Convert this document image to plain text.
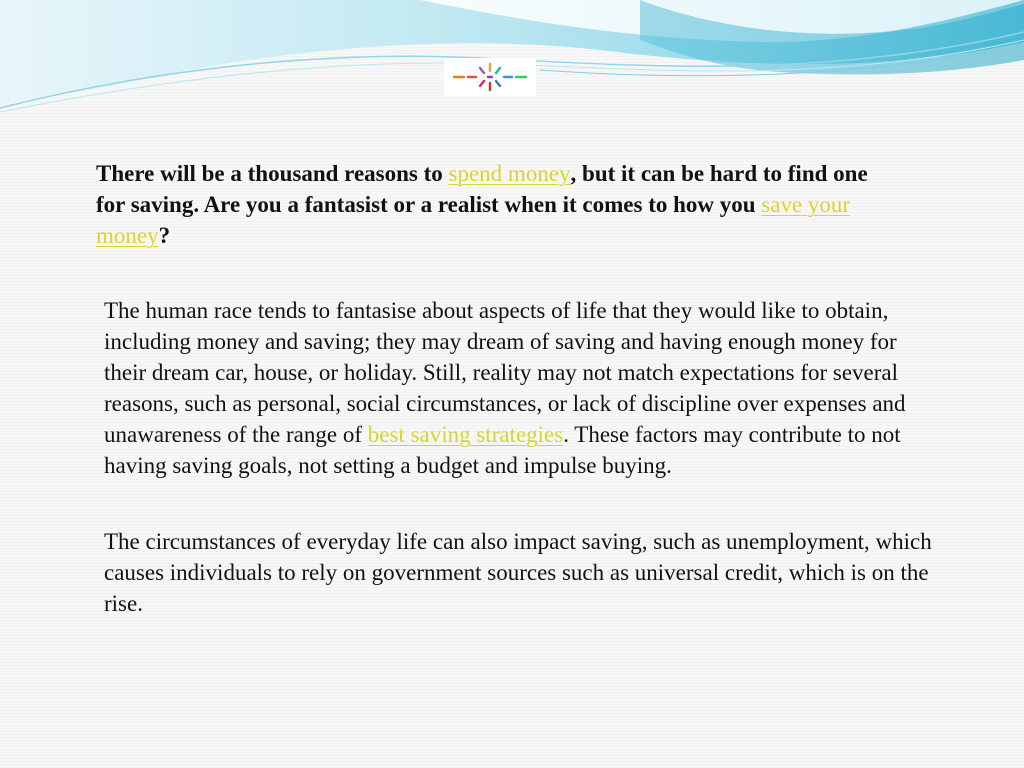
There will be a thousand reasons to spend money, but it can be hard to find one for saving. Are you a fantasist or a realist when it comes to how you save your money?

The human race tends to fantasise about aspects of life that they would like to obtain, including money and saving; they may dream of saving and having enough money for their dream car, house, or holiday. Still, reality may not match expectations for several reasons, such as personal, social circumstances, or lack of discipline over expenses and unawareness of the range of best saving strategies. These factors may contribute to not having saving goals, not setting a budget and impulse buying.

The circumstances of everyday life can also impact saving, such as unemployment, which causes individuals to rely on government sources such as universal credit, which is on the rise.
